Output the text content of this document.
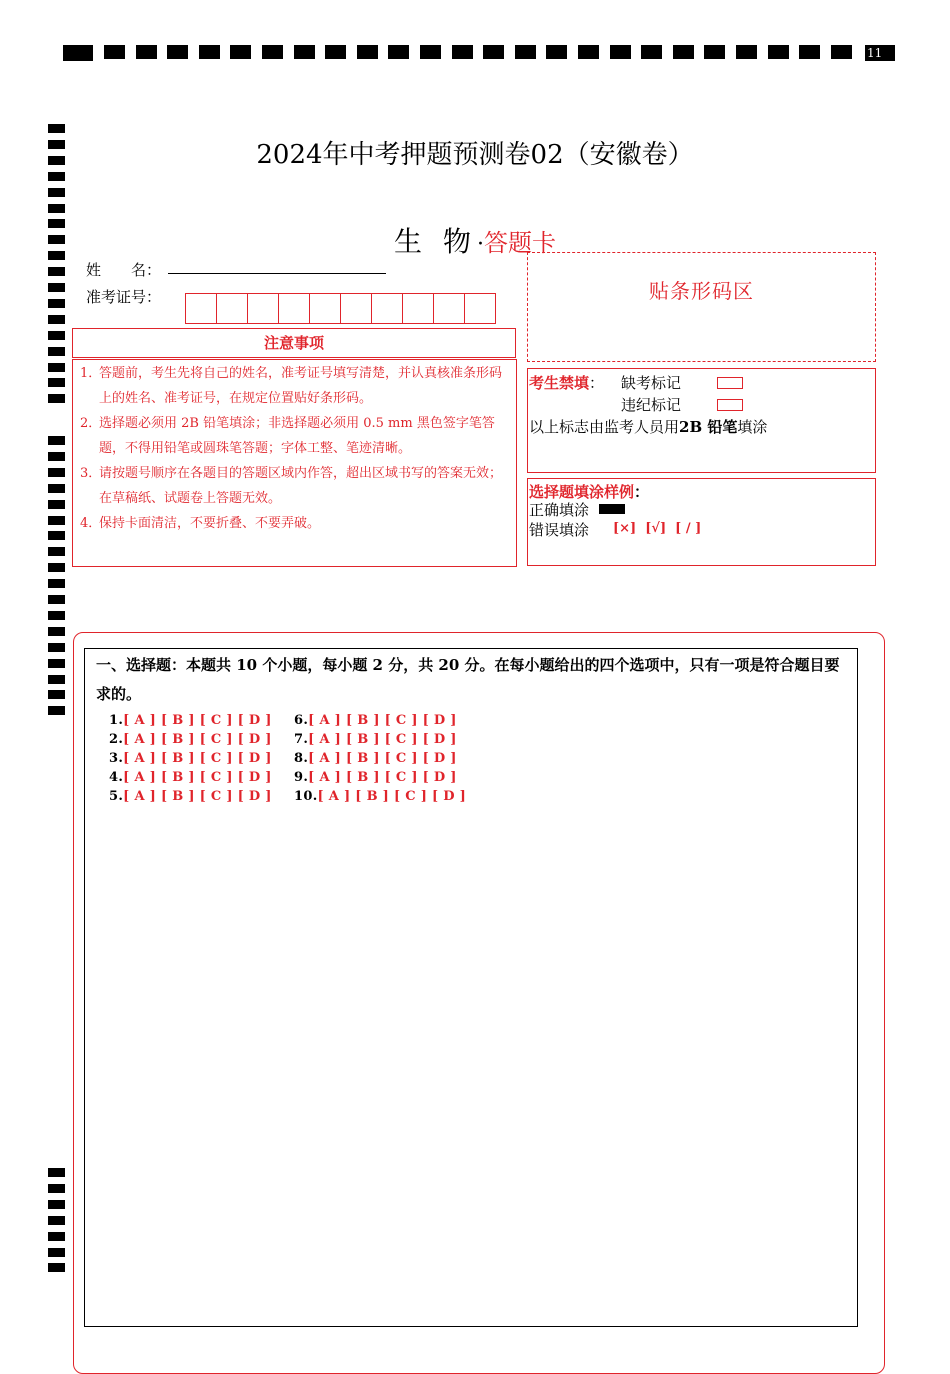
11
2024年中考押题预测卷02（安徽卷）
生 物·答题卡
姓　　名：
准考证号：
注意事项
1．
答题前，考生先将自己的姓名，准考证号填写清楚，并认真核准条形码上的姓名、准考证号，在规定位置贴好条形码。
2．
选择题必须用 2B 铅笔填涂；非选择题必须用 0.5 mm 黑色签字笔答题，不得用铅笔或圆珠笔答题；字体工整、笔迹清晰。
3．
请按题号顺序在各题目的答题区域内作答，超出区域书写的答案无效；在草稿纸、试题卷上答题无效。
4．
保持卡面清洁，不要折叠、不要弄破。
贴条形码区
考生禁填： 缺考标记
违纪标记
以上标志由监考人员用2B 铅笔填涂
选择题填涂样例：
正确填涂
错误填涂 [×]  [√]  [ / ]
一、选择题：本题共 10 个小题，每小题 2 分，共 20 分。在每小题给出的四个选项中，只有一项是符合题目要求的。
1.[ A ] [ B ] [ C ] [ D ]
2.[ A ] [ B ] [ C ] [ D ]
3.[ A ] [ B ] [ C ] [ D ]
4.[ A ] [ B ] [ C ] [ D ]
5.[ A ] [ B ] [ C ] [ D ]
6.[ A ] [ B ] [ C ] [ D ]
7.[ A ] [ B ] [ C ] [ D ]
8.[ A ] [ B ] [ C ] [ D ]
9.[ A ] [ B ] [ C ] [ D ]
10.[ A ] [ B ] [ C ] [ D ]
